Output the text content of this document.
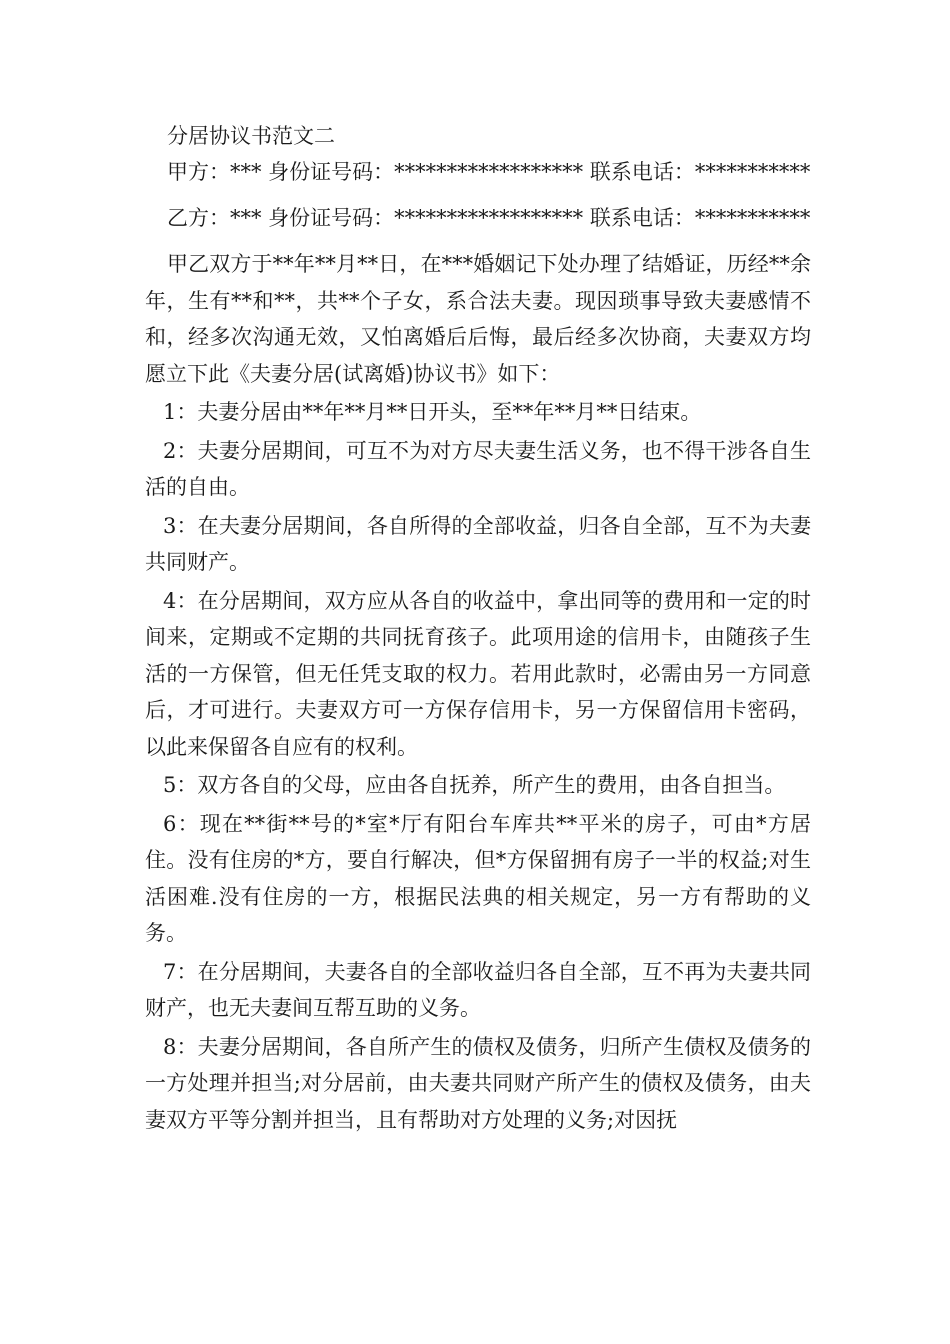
分居协议书范文二

甲方：*** 身份证号码：****************** 联系电话：***********

乙方：*** 身份证号码：****************** 联系电话：***********

甲乙双方于**年**月**日，在***婚姻记下处办理了结婚证，历经**余年，生有**和**，共**个子女，系合法夫妻。现因琐事导致夫妻感情不和，经多次沟通无效，又怕离婚后后悔，最后经多次协商，夫妻双方均愿立下此《夫妻分居(试离婚)协议书》如下：

1：夫妻分居由**年**月**日开头，至**年**月**日结束。

2：夫妻分居期间，可互不为对方尽夫妻生活义务，也不得干涉各自生活的自由。

3：在夫妻分居期间，各自所得的全部收益，归各自全部，互不为夫妻共同财产。

4：在分居期间，双方应从各自的收益中，拿出同等的费用和一定的时间来，定期或不定期的共同抚育孩子。此项用途的信用卡，由随孩子生活的一方保管，但无任凭支取的权力。若用此款时，必需由另一方同意后，才可进行。夫妻双方可一方保存信用卡，另一方保留信用卡密码，以此来保留各自应有的权利。

5：双方各自的父母，应由各自抚养，所产生的费用，由各自担当。

6：现在**街**号的*室*厅有阳台车库共**平米的房子，可由*方居住。没有住房的*方，要自行解决，但*方保留拥有房子一半的权益;对生活困难.没有住房的一方，根据民法典的相关规定，另一方有帮助的义务。

7：在分居期间，夫妻各自的全部收益归各自全部，互不再为夫妻共同财产，也无夫妻间互帮互助的义务。

8：夫妻分居期间，各自所产生的债权及债务，归所产生债权及债务的一方处理并担当;对分居前，由夫妻共同财产所产生的债权及债务，由夫妻双方平等分割并担当，且有帮助对方处理的义务;对因抚
